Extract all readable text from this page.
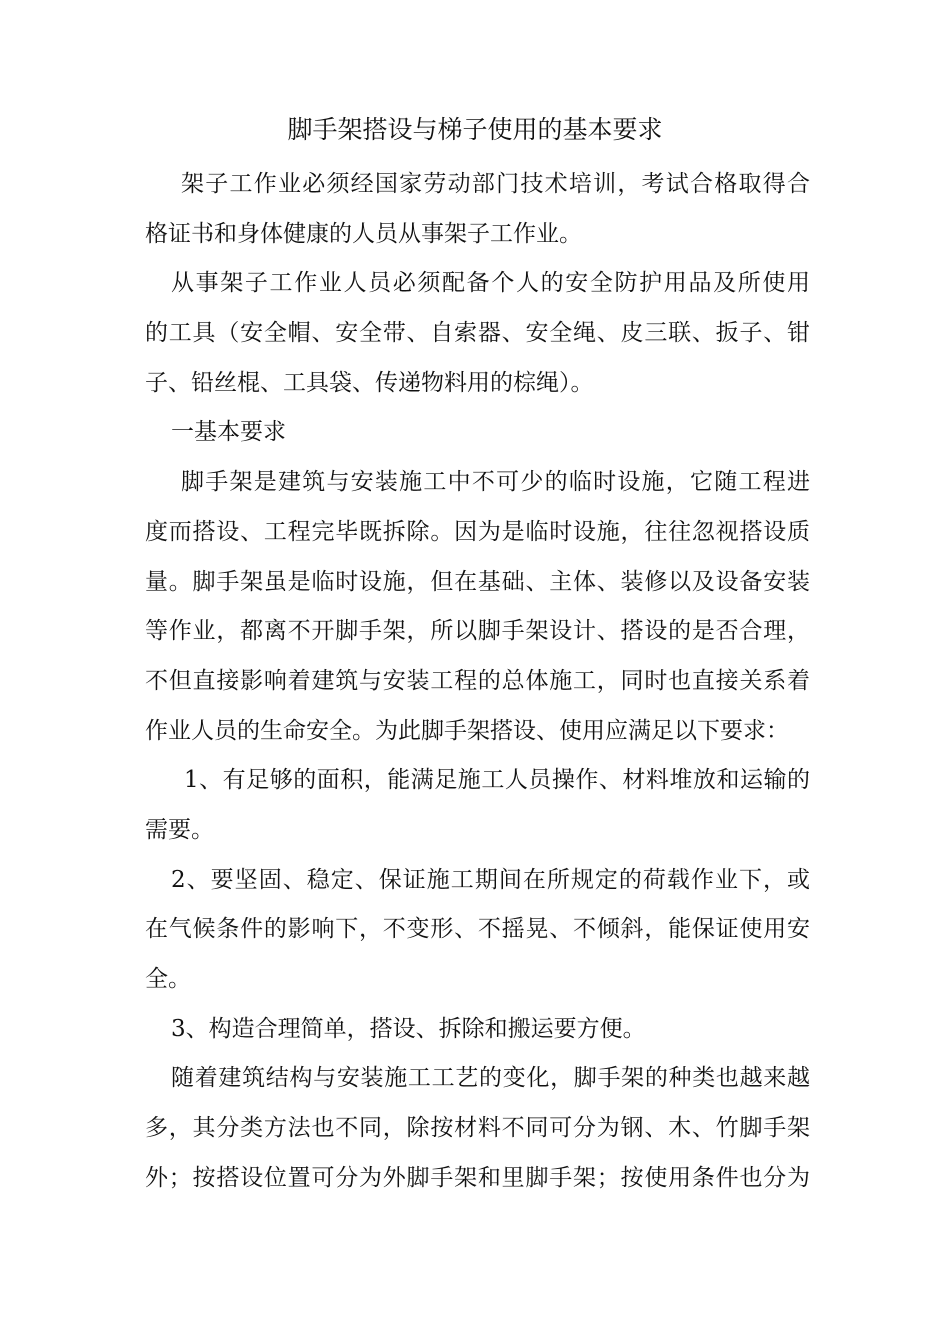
脚手架搭设与梯子使用的基本要求
架子工作业必须经国家劳动部门技术培训，考试合格取得合
格证书和身体健康的人员从事架子工作业。
从事架子工作业人员必须配备个人的安全防护用品及所使用
的工具（安全帽、安全带、自索器、安全绳、皮三联、扳子、钳
子、铅丝棍、工具袋、传递物料用的棕绳）。
一基本要求
脚手架是建筑与安装施工中不可少的临时设施，它随工程进
度而搭设、工程完毕既拆除。因为是临时设施，往往忽视搭设质
量。脚手架虽是临时设施，但在基础、主体、装修以及设备安装
等作业，都离不开脚手架，所以脚手架设计、搭设的是否合理，
不但直接影响着建筑与安装工程的总体施工，同时也直接关系着
作业人员的生命安全。为此脚手架搭设、使用应满足以下要求：
1、有足够的面积，能满足施工人员操作、材料堆放和运输的
需要。
2、要坚固、稳定、保证施工期间在所规定的荷载作业下，或
在气候条件的影响下，不变形、不摇晃、不倾斜，能保证使用安
全。
3、构造合理简单，搭设、拆除和搬运要方便。
随着建筑结构与安装施工工艺的变化，脚手架的种类也越来越
多，其分类方法也不同，除按材料不同可分为钢、木、竹脚手架
外；按搭设位置可分为外脚手架和里脚手架；按使用条件也分为
